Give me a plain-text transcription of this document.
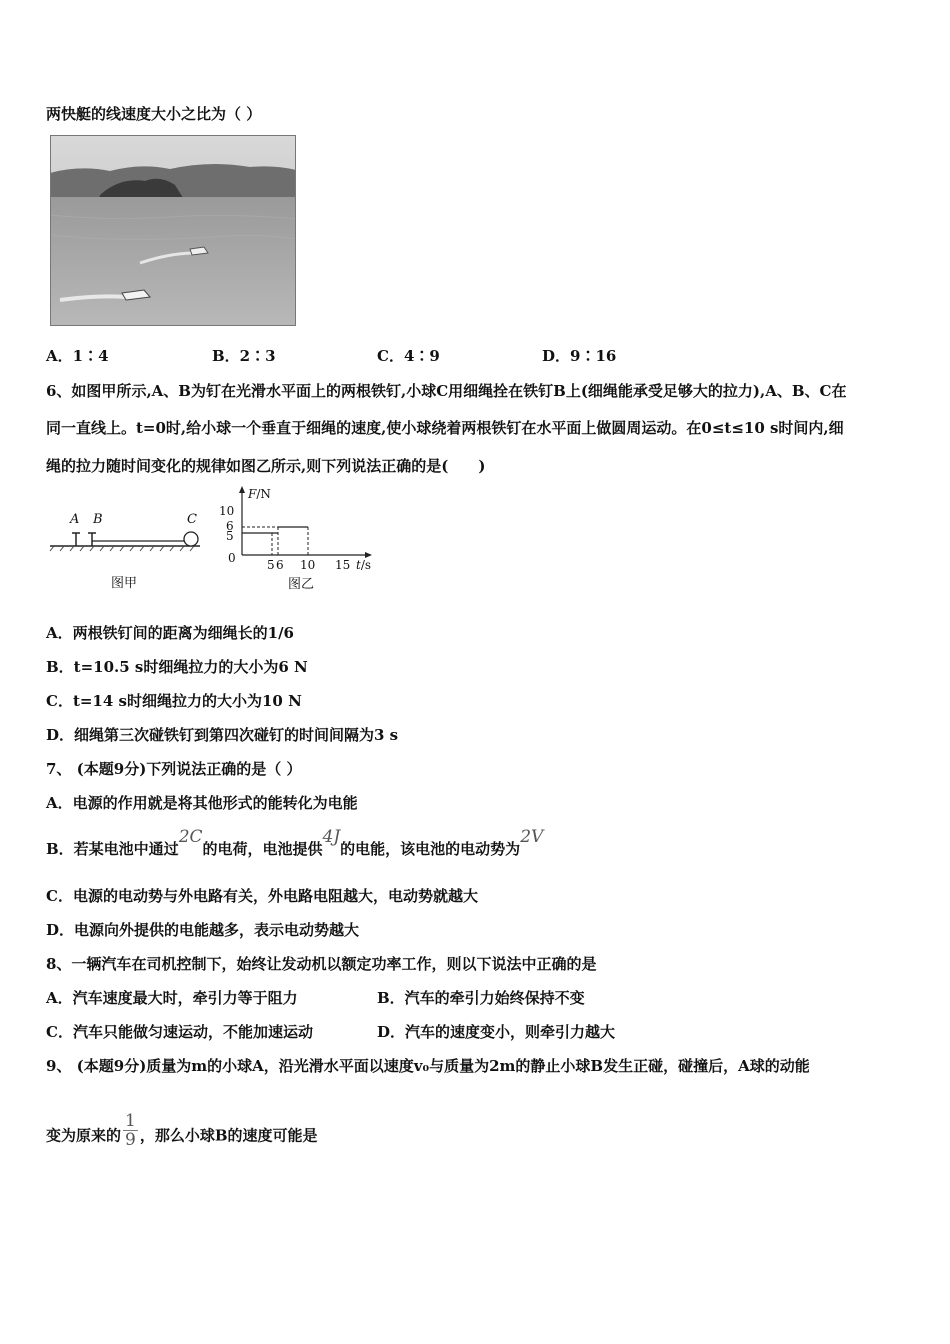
两快艇的线速度大小之比为（ ）
A．1∶4	B．2∶3	C．4∶9	D．9∶16
6、如图甲所示,A、B为钉在光滑水平面上的两根铁钉,小球C用细绳拴在铁钉B上(细绳能承受足够大的拉力),A、B、C在
同一直线上。t=0时,给小球一个垂直于细绳的速度,使小球绕着两根铁钉在水平面上做圆周运动。在0≤t≤10 s时间内,细
绳的拉力随时间变化的规律如图乙所示,则下列说法正确的是(　　)
A B	C
图甲
F/N
10
6
5
0	5 6 10 15 t/s
图乙
A．两根铁钉间的距离为细绳长的1/6
B．t=10.5 s时细绳拉力的大小为6 N
C．t=14 s时细绳拉力的大小为10 N
D．细绳第三次碰铁钉到第四次碰钉的时间间隔为3 s
7、 (本题9分)下列说法正确的是（ ）
A．电源的作用就是将其他形式的能转化为电能
B．若某电池中通过2C的电荷，电池提供4J的电能，该电池的电动势为2V
C．电源的电动势与外电路有关，外电路电阻越大，电动势就越大
D．电源向外提供的电能越多，表示电动势越大
8、一辆汽车在司机控制下，始终让发动机以额定功率工作，则以下说法中正确的是
A．汽车速度最大时，牵引力等于阻力	B．汽车的牵引力始终保持不变
C．汽车只能做匀速运动，不能加速运动	D．汽车的速度变小，则牵引力越大
9、 (本题9分)质量为m的小球A，沿光滑水平面以速度v₀与质量为2m的静止小球B发生正碰，碰撞后，A球的动能
变为原来的 $\frac{1}{9}$ ，那么小球B的速度可能是
